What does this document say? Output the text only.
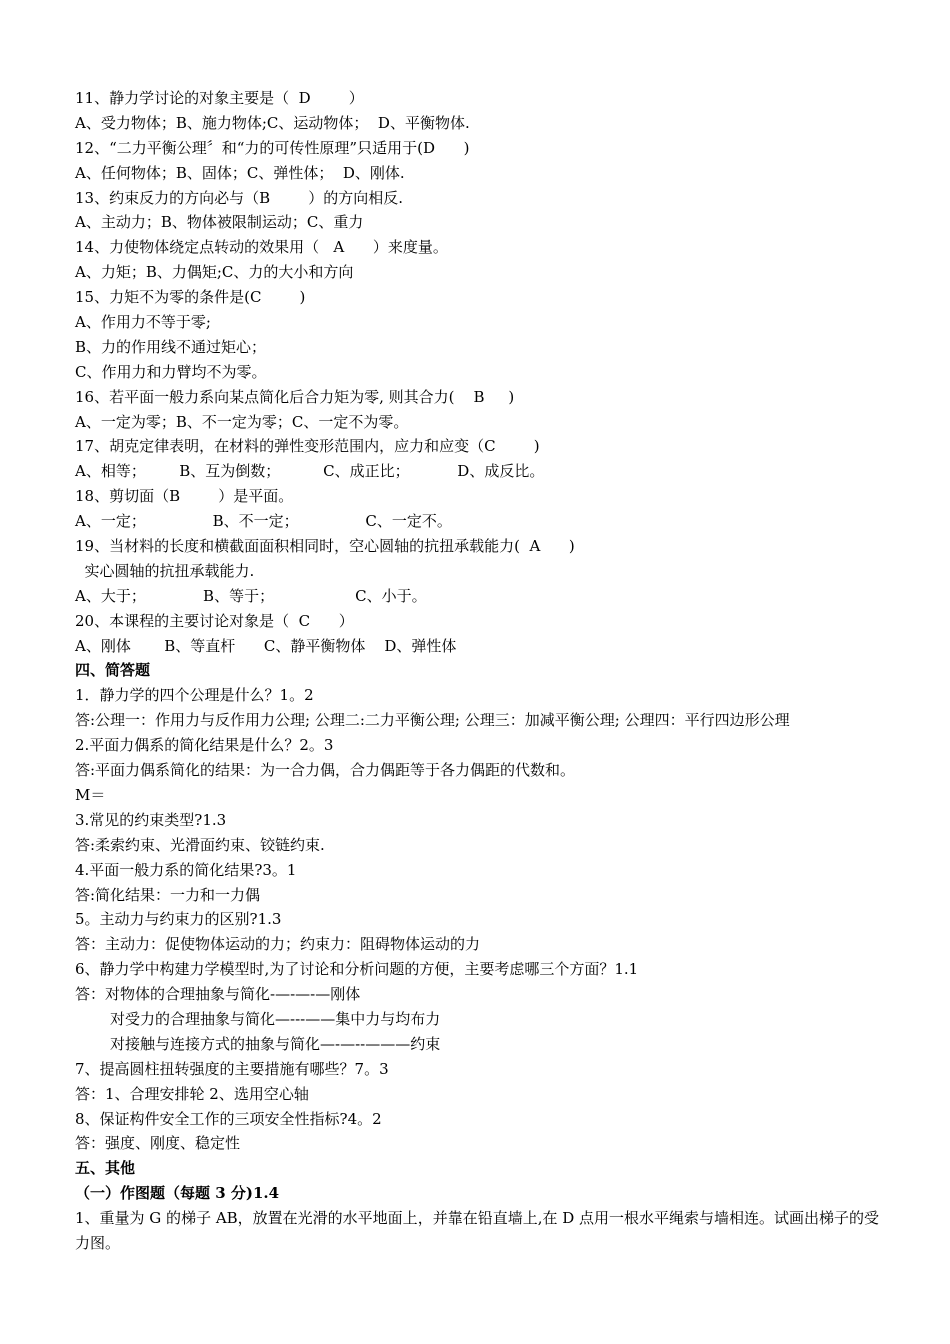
11、静力学讨论的对象主要是（  D        ）
A、受力物体；B、施力物体;C、运动物体；  D、平衡物体.
12、“二力平衡公理〞和“力的可传性原理”只适用于(D      )
A、任何物体；B、固体；C、弹性体；  D、刚体.
13、约束反力的方向必与（B        ）的方向相反.
A、主动力；B、物体被限制运动；C、重力
14、力使物体绕定点转动的效果用（   A      ）来度量。
A、力矩；B、力偶矩;C、力的大小和方向
15、力矩不为零的条件是(C        )
A、作用力不等于零;
B、力的作用线不通过矩心；
C、作用力和力臂均不为零。
16、若平面一般力系向某点简化后合力矩为零, 则其合力(    B     )
A、一定为零；B、不一定为零；C、一定不为零。
17、胡克定律表明，在材料的弹性变形范围内，应力和应变（C        )
A、相等；       B、互为倒数；         C、成正比；          D、成反比。
18、剪切面（B        ）是平面。
A、一定；              B、不一定；              C、一定不。
19、当材料的长度和横截面面积相同时，空心圆轴的抗扭承载能力(  A      )
实心圆轴的抗扭承载能力.
A、大于；            B、等于；                 C、小于。
20、本课程的主要讨论对象是（  C      ）
A、刚体       B、等直杆      C、静平衡物体    D、弹性体
四、简答题
1．静力学的四个公理是什么？1。2
答:公理一：作用力与反作用力公理; 公理二:二力平衡公理; 公理三：加减平衡公理; 公理四：平行四边形公理
2.平面力偶系的简化结果是什么？2。3
答:平面力偶系简化的结果：为一合力偶，合力偶距等于各力偶距的代数和。
M＝
3.常见的约束类型?1.3
答:柔索约束、光滑面约束、铰链约束.
4.平面一般力系的简化结果?3。1
答:简化结果：一力和一力偶
5。主动力与约束力的区别?1.3
答：主动力：促使物体运动的力；约束力：阻碍物体运动的力
6、静力学中构建力学模型时,为了讨论和分析问题的方便，主要考虑哪三个方面？1.1
答：对物体的合理抽象与简化-—-—-—刚体
对受力的合理抽象与简化—---——集中力与均布力
对接触与连接方式的抽象与简化—-—--———约束
7、提高圆柱扭转强度的主要措施有哪些？7。3
答：1、合理安排轮 2、选用空心轴
8、保证构件安全工作的三项安全性指标?4。2
答：强度、刚度、稳定性
五、其他
（一）作图题（每题 3 分)1.4
1、重量为 G 的梯子 AB，放置在光滑的水平地面上，并靠在铅直墙上,在 D 点用一根水平绳索与墙相连。试画出梯子的受力图。
